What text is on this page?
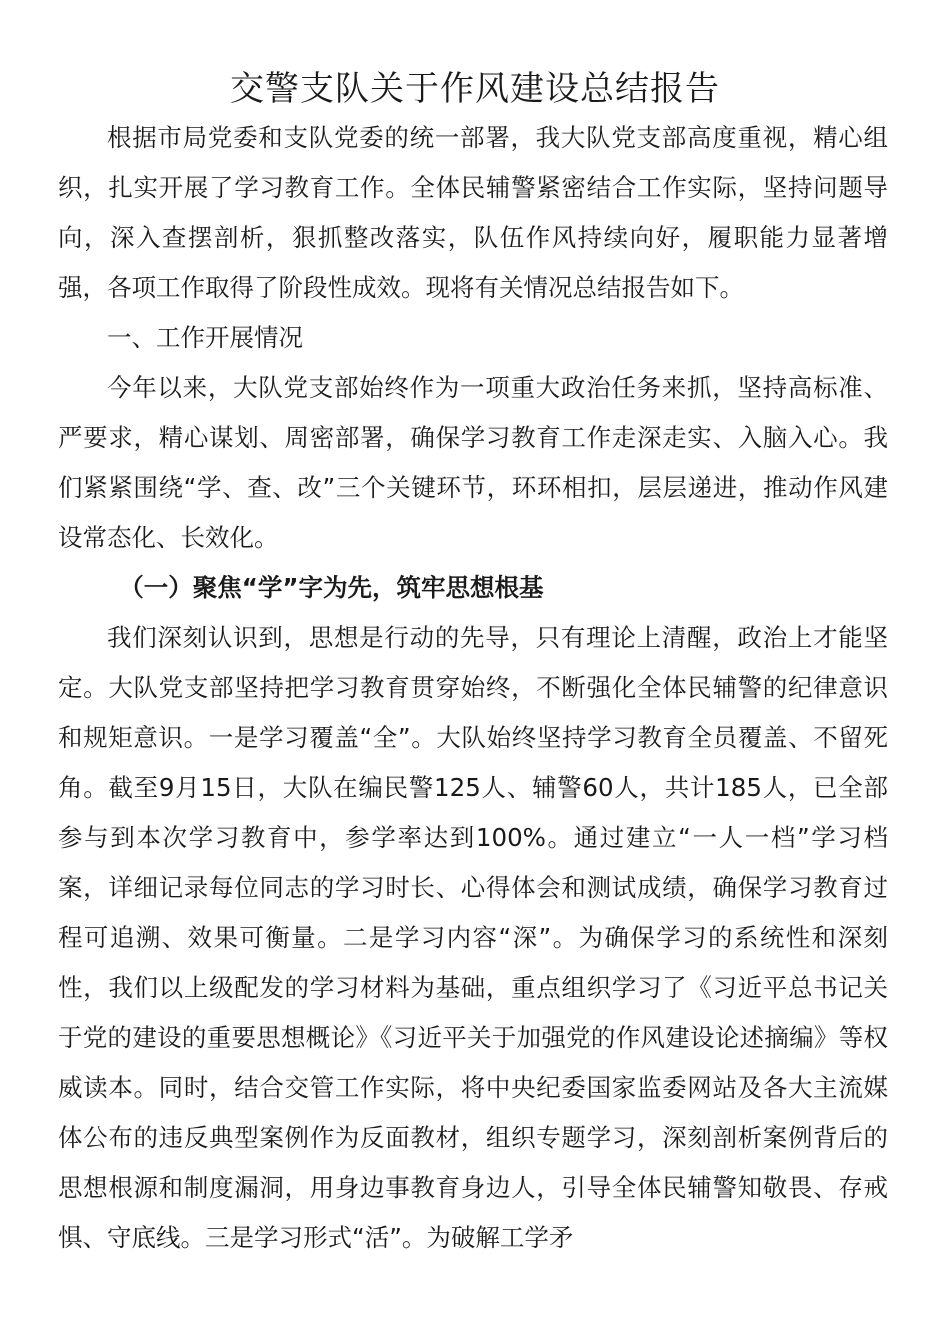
交警支队关于作风建设总结报告

根据市局党委和支队党委的统一部署，我大队党支部高度重视，精心组织，扎实开展了学习教育工作。全体民辅警紧密结合工作实际，坚持问题导向，深入查摆剖析，狠抓整改落实，队伍作风持续向好，履职能力显著增强，各项工作取得了阶段性成效。现将有关情况总结报告如下。

一、工作开展情况

今年以来，大队党支部始终作为一项重大政治任务来抓，坚持高标准、严要求，精心谋划、周密部署，确保学习教育工作走深走实、入脑入心。我们紧紧围绕“学、查、改”三个关键环节，环环相扣，层层递进，推动作风建设常态化、长效化。

（一）聚焦“学”字为先，筑牢思想根基

我们深刻认识到，思想是行动的先导，只有理论上清醒，政治上才能坚定。大队党支部坚持把学习教育贯穿始终，不断强化全体民辅警的纪律意识和规矩意识。一是学习覆盖“全”。大队始终坚持学习教育全员覆盖、不留死角。截至9月15日，大队在编民警125人、辅警60人，共计185人，已全部参与到本次学习教育中，参学率达到100%。通过建立“一人一档”学习档案，详细记录每位同志的学习时长、心得体会和测试成绩，确保学习教育过程可追溯、效果可衡量。二是学习内容“深”。为确保学习的系统性和深刻性，我们以上级配发的学习材料为基础，重点组织学习了《习近平总书记关于党的建设的重要思想概论》《习近平关于加强党的作风建设论述摘编》等权威读本。同时，结合交管工作实际，将中央纪委国家监委网站及各大主流媒体公布的违反典型案例作为反面教材，组织专题学习，深刻剖析案例背后的思想根源和制度漏洞，用身边事教育身边人，引导全体民辅警知敬畏、存戒惧、守底线。三是学习形式“活”。为破解工学矛
